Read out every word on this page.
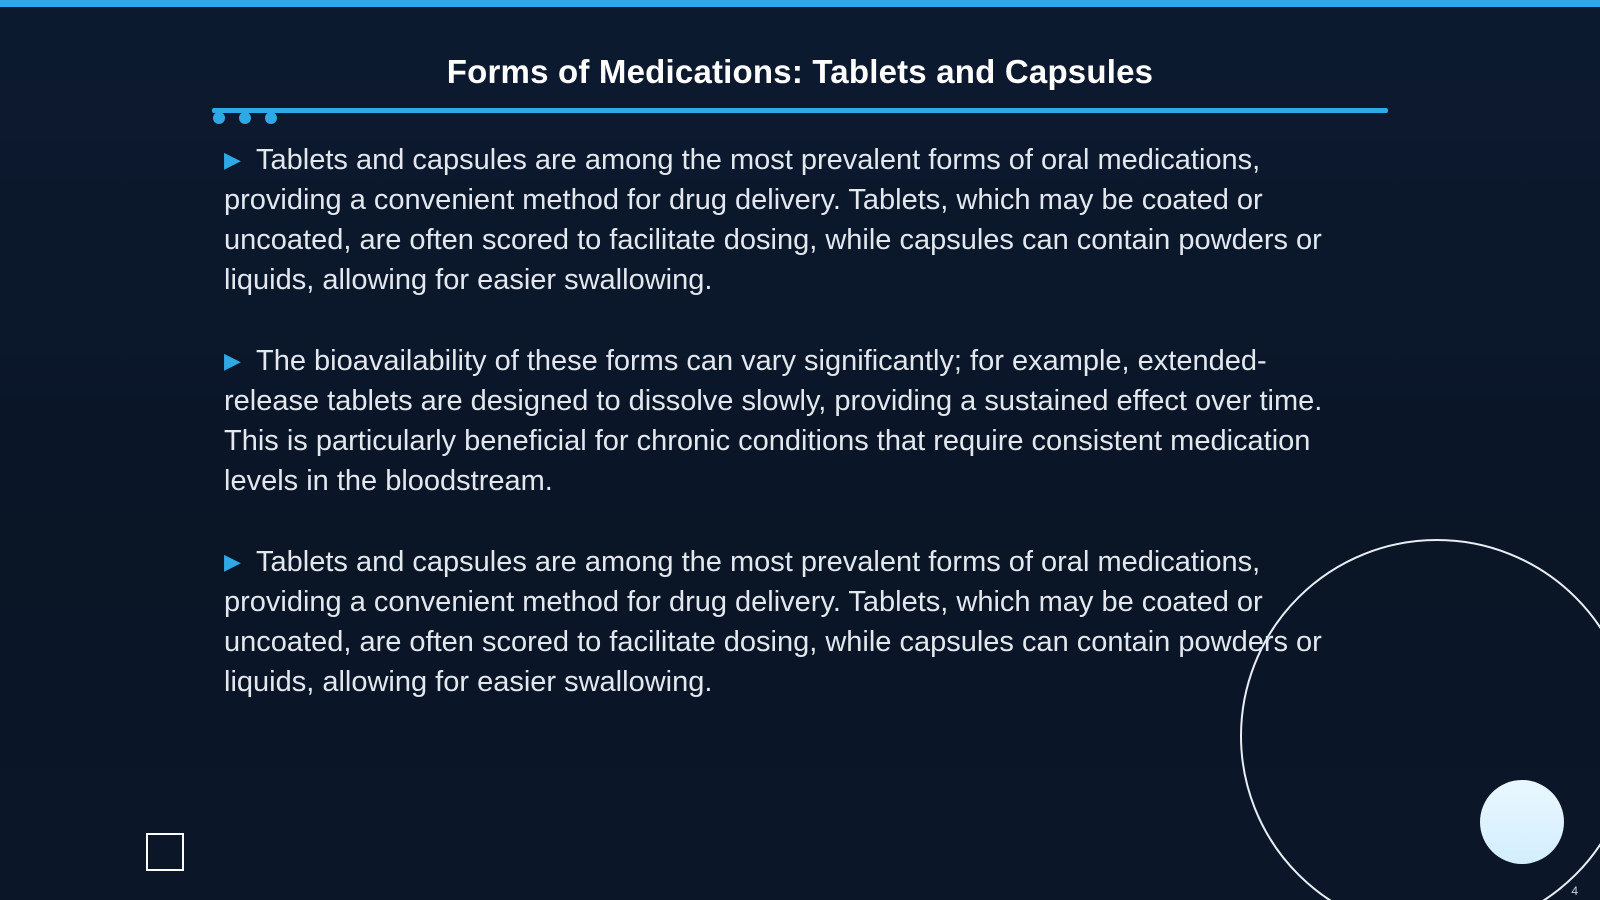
Forms of Medications: Tablets and Capsules

▶ Tablets and capsules are among the most prevalent forms of oral medications, providing a convenient method for drug delivery. Tablets, which may be coated or uncoated, are often scored to facilitate dosing, while capsules can contain powders or liquids, allowing for easier swallowing.

▶ The bioavailability of these forms can vary significantly; for example, extended-release tablets are designed to dissolve slowly, providing a sustained effect over time. This is particularly beneficial for chronic conditions that require consistent medication levels in the bloodstream.

▶ Tablets and capsules are among the most prevalent forms of oral medications, providing a convenient method for drug delivery. Tablets, which may be coated or uncoated, are often scored to facilitate dosing, while capsules can contain powders or liquids, allowing for easier swallowing.

4
